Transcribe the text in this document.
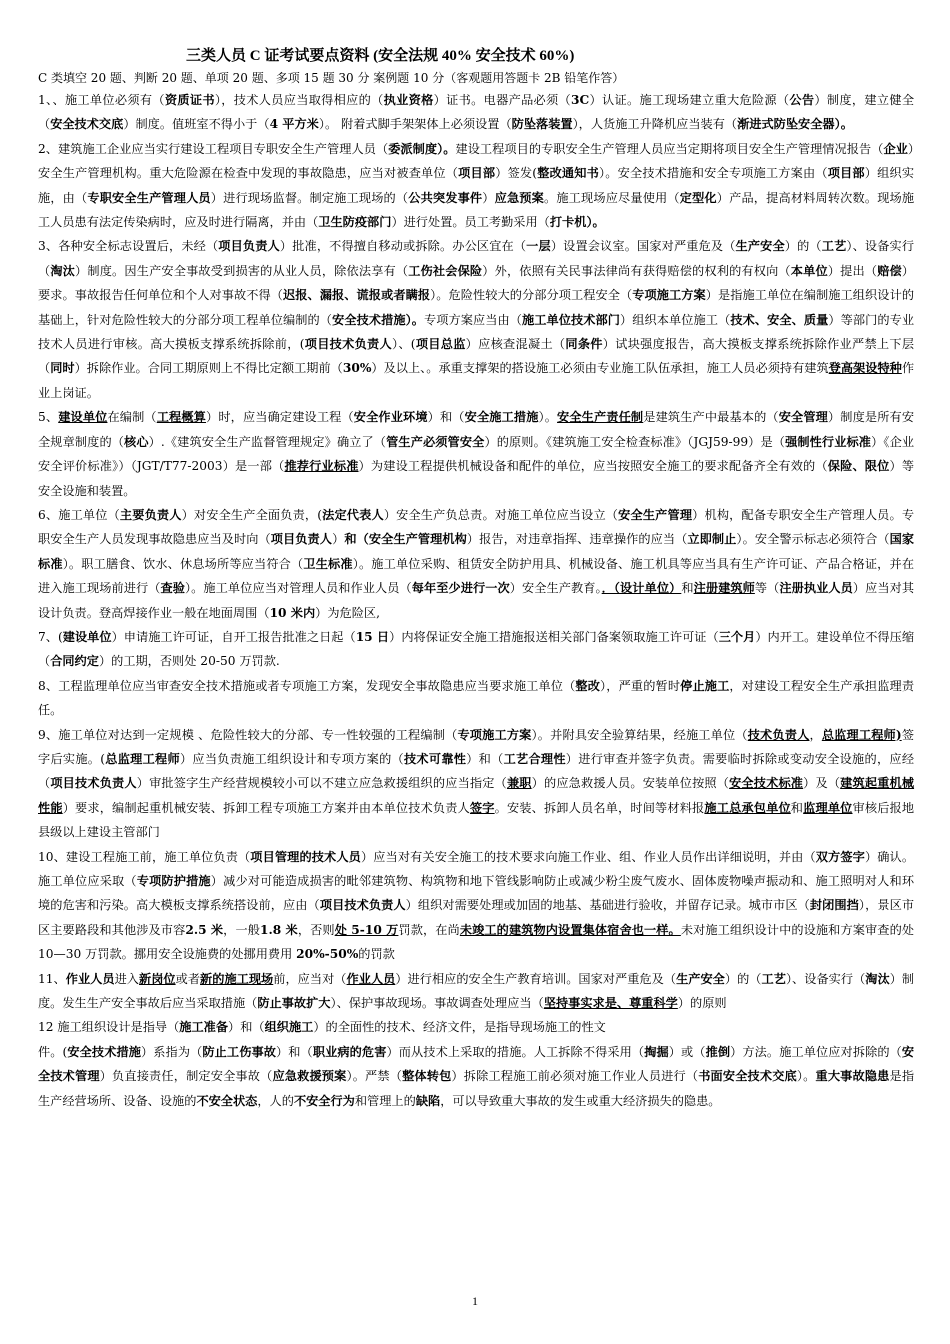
三类人员 C 证考试要点资料 (安全法规 40% 安全技术 60%)
C 类填空 20 题、判断 20 题、单项 20 题、多项 15 题 30 分 案例题 10 分（客观题用答题卡 2B 铅笔作答）

1、、施工单位必须有（资质证书），技术人员应当取得相应的（执业资格）证书。电器产品必须（3C）认证。施工现场建立重大危险源（公告）制度，建立健全（安全技术交底）制度。值班室不得小于（4 平方米）。 附着式脚手架架体上必须设置（防坠落装置），人货施工升降机应当装有（渐进式防坠安全器）。

2、建筑施工企业应当实行建设工程项目专职安全生产管理人员（委派制度）。建设工程项目的专职安全生产管理人员应当定期将项目安全生产管理情况报告（企业）安全生产管理机构。重大危险源在检查中发现的事故隐患，应当对被查单位（项目部）签发(整改通知书）。安全技术措施和安全专项施工方案由（项目部）组织实施，由（专职安全生产管理人员）进行现场监督。制定施工现场的（公共突发事件）应急预案。施工现场应尽量使用（定型化）产品，提高材料周转次数。现场施工人员患有法定传染病时，应及时进行隔离，并由（卫生防疫部门）进行处置。员工考勤采用（打卡机）。

3、各种安全标志设置后，未经（项目负责人）批准，不得擅自移动或拆除。办公区宜在（一层）设置会议室。国家对严重危及（生产安全）的（工艺）、设备实行（淘汰）制度。因生产安全事故受到损害的从业人员，除依法享有（工伤社会保险）外，依照有关民事法律尚有获得赔偿的权利的有权向（本单位）提出（赔偿）要求。事故报告任何单位和个人对事故不得（迟报、漏报、谎报或者瞒报）。危险性较大的分部分项工程安全（专项施工方案）是指施工单位在编制施工组织设计的基础上，针对危险性较大的分部分项工程单位编制的（安全技术措施）。专项方案应当由（施工单位技术部门）组织本单位施工（技术、安全、质量）等部门的专业技术人员进行审核。高大摸板支撑系统拆除前，(项目技术负责人）、(项目总监）应核查混凝土（同条件）试块强度报告，高大摸板支撑系统拆除作业严禁上下层（同时）拆除作业。合同工期原则上不得比定额工期前（30%）及以上、。承重支撑架的搭设施工必须由专业施工队伍承担，施工人员必须持有建筑登高架设特种作业上岗证。

5、建设单位在编制（工程概算）时，应当确定建设工程（安全作业环境）和（安全施工措施）。安全生产责任制是建筑生产中最基本的（安全管理）制度是所有安全规章制度的（核心）.《建筑安全生产监督管理规定》确立了（管生产必须管安全）的原则。《建筑施工安全检查标准》（JGJ59-99）是（强制性行业标准）《企业安全评价标准》）（JGT/T77-2003）是一部（推荐行业标准）为建设工程提供机械设备和配件的单位，应当按照安全施工的要求配备齐全有效的（保险、限位）等安全设施和装置。

6、施工单位（主要负责人）对安全生产全面负责，(法定代表人）安全生产负总责。对施工单位应当设立（安全生产管理）机构，配备专职安全生产管理人员。专职安全生产人员发现事故隐患应当及时向（项目负责人）和（安全生产管理机构）报告，对违章指挥、违章操作的应当（立即制止）。安全警示标志必须符合（国家标准）。职工膳食、饮水、休息场所等应当符合（卫生标准）。施工单位采购、租赁安全防护用具、机械设备、施工机具等应当具有生产许可证、产品合格证，并在进入施工现场前进行（查验）。施工单位应当对管理人员和作业人员（每年至少进行一次）安全生产教育。．（设计单位）和注册建筑师等（注册执业人员）应当对其设计负责。登高焊接作业一般在地面周围（10 米内）为危险区,

7、(建设单位）申请施工许可证，自开工报告批准之日起（15 日）内将保证安全施工措施报送相关部门备案领取施工许可证（三个月）内开工。建设单位不得压缩（合同约定）的工期，否则处 20-50 万罚款.

8、工程监理单位应当审查安全技术措施或者专项施工方案，发现安全事故隐患应当要求施工单位（整改），严重的暂时停止施工，对建设工程安全生产承担监理责任。

9、施工单位对达到一定规模 、危险性较大的分部、专一性较强的工程编制（专项施工方案）。并附具安全验算结果，经施工单位（技术负责人，总监理工程师)签字后实施。(总监理工程师）应当负责施工组织设计和专项方案的（技术可靠性）和（工艺合理性）进行审查并签字负责。需要临时拆除或变动安全设施的，应经（项目技术负责人）审批签字生产经营规模较小可以不建立应急救援组织的应当指定（兼职）的应急救援人员。安装单位按照（安全技术标准）及（建筑起重机械性能）要求，编制起重机械安装、拆卸工程专项施工方案并由本单位技术负责人签字。安装、拆卸人员名单，时间等材料报施工总承包单位和监理单位审核后报地县级以上建设主管部门

10、建设工程施工前，施工单位负责（项目管理的技术人员）应当对有关安全施工的技术要求向施工作业、组、作业人员作出详细说明，并由（双方签字）确认。施工单位应采取（专项防护措施）减少对可能造成损害的毗邻建筑物、构筑物和地下管线影响防止或减少粉尘废气废水、固体废物噪声振动和、施工照明对人和环境的危害和污染。高大模板支撑系统搭设前，应由（项目技术负责人）组织对需要处理或加固的地基、基础进行验收，并留存记录。城市市区（封闭围挡），景区市区主要路段和其他涉及市容2.5 米，一般1.8 米，否则处 5-10 万罚款，在尚未竣工的建筑物内设置集体宿舍也一样。未对施工组织设计中的设施和方案审查的处 10—30 万罚款。挪用安全设施费的处挪用费用 20%-50%的罚款

11、作业人员进入新岗位或者新的施工现场前，应当对（作业人员）进行相应的安全生产教育培训。国家对严重危及（生产安全）的（工艺）、设备实行（淘汰）制度。发生生产安全事故后应当采取措施（防止事故扩大）、保护事故现场。事故调查处理应当（坚持事实求是、尊重科学）的原则

12 施工组织设计是指导（施工准备）和（组织施工）的全面性的技术、经济文件，是指导现场施工的性文

件。(安全技术措施）系指为（防止工伤事故）和（职业病的危害）而从技术上采取的措施。人工拆除不得采用（掏掘）或（推倒）方法。施工单位应对拆除的（安全技术管理）负直接责任，制定安全事故（应急救援预案）。严禁（整体转包）拆除工程施工前必须对施工作业人员进行（书面安全技术交底）。重大事故隐患是指生产经营场所、设备、设施的不安全状态，人的不安全行为和管理上的缺陷，可以导致重大事故的发生或重大经济损失的隐患。

1
